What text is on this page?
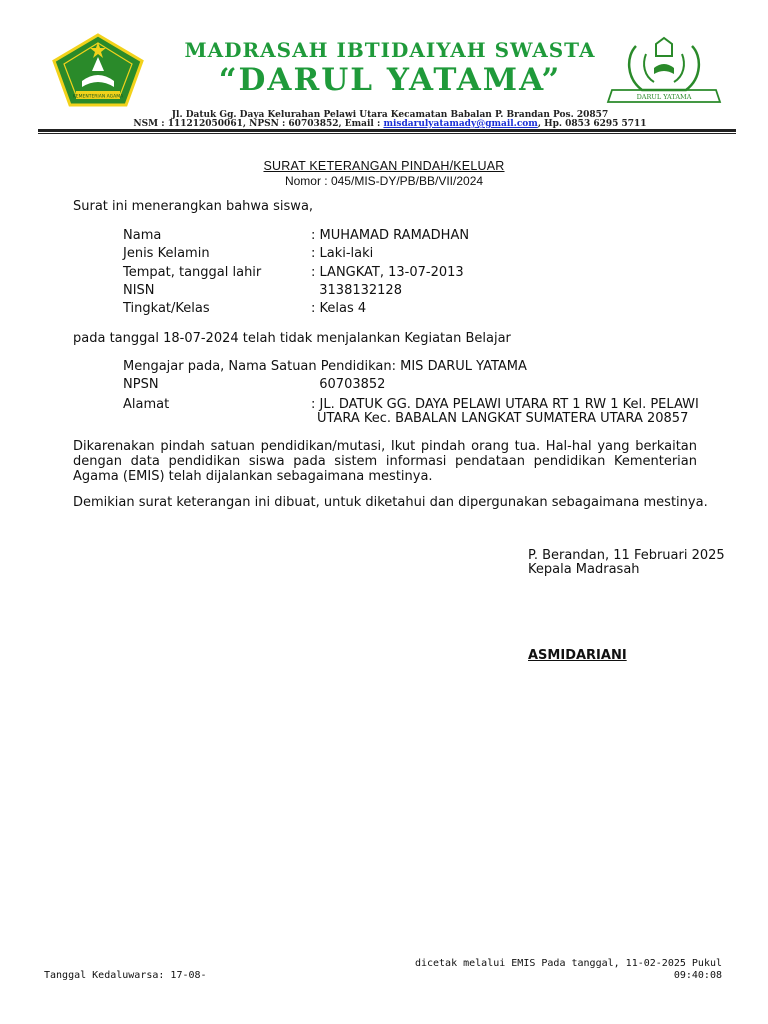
KEMENTERIAN AGAMA	DARUL YATAMA
MADRASAH IBTIDAIYAH SWASTA
“DARUL YATAMA”
Jl. Datuk Gg. Daya Kelurahan Pelawi Utara Kecamatan Babalan P. Brandan Pos. 20857
NSM : 111212050061, NPSN : 60703852, Email : misdarulyatamady@gmail.com, Hp. 0853 6295 5711
SURAT KETERANGAN PINDAH/KELUAR
Nomor : 045/MIS-DY/PB/BB/VII/2024
Surat ini menerangkan bahwa siswa,
Nama	: MUHAMAD RAMADHAN
Jenis Kelamin	: Laki-laki
Tempat, tanggal lahir	: LANGKAT, 13-07-2013
NISN	3138132128
Tingkat/Kelas	: Kelas 4
pada tanggal 18-07-2024 telah tidak menjalankan Kegiatan Belajar
Mengajar pada, Nama Satuan Pendidikan: MIS DARUL YATAMA
NPSN	60703852
Alamat	: JL. DATUK GG. DAYA PELAWI UTARA RT 1 RW 1 Kel. PELAWI
UTARA Kec. BABALAN LANGKAT SUMATERA UTARA 20857
Dikarenakan pindah satuan pendidikan/mutasi, Ikut pindah orang tua. Hal-hal yang berkaitan
dengan data pendidikan siswa pada sistem informasi pendataan pendidikan Kementerian
Agama (EMIS) telah dijalankan sebagaimana mestinya.
Demikian surat keterangan ini dibuat, untuk diketahui dan dipergunakan sebagaimana mestinya.
P. Berandan, 11 Februari 2025
Kepala Madrasah
ASMIDARIANI
Tanggal Kedaluwarsa: 17-08-
dicetak melalui EMIS Pada tanggal, 11-02-2025 Pukul
09:40:08
